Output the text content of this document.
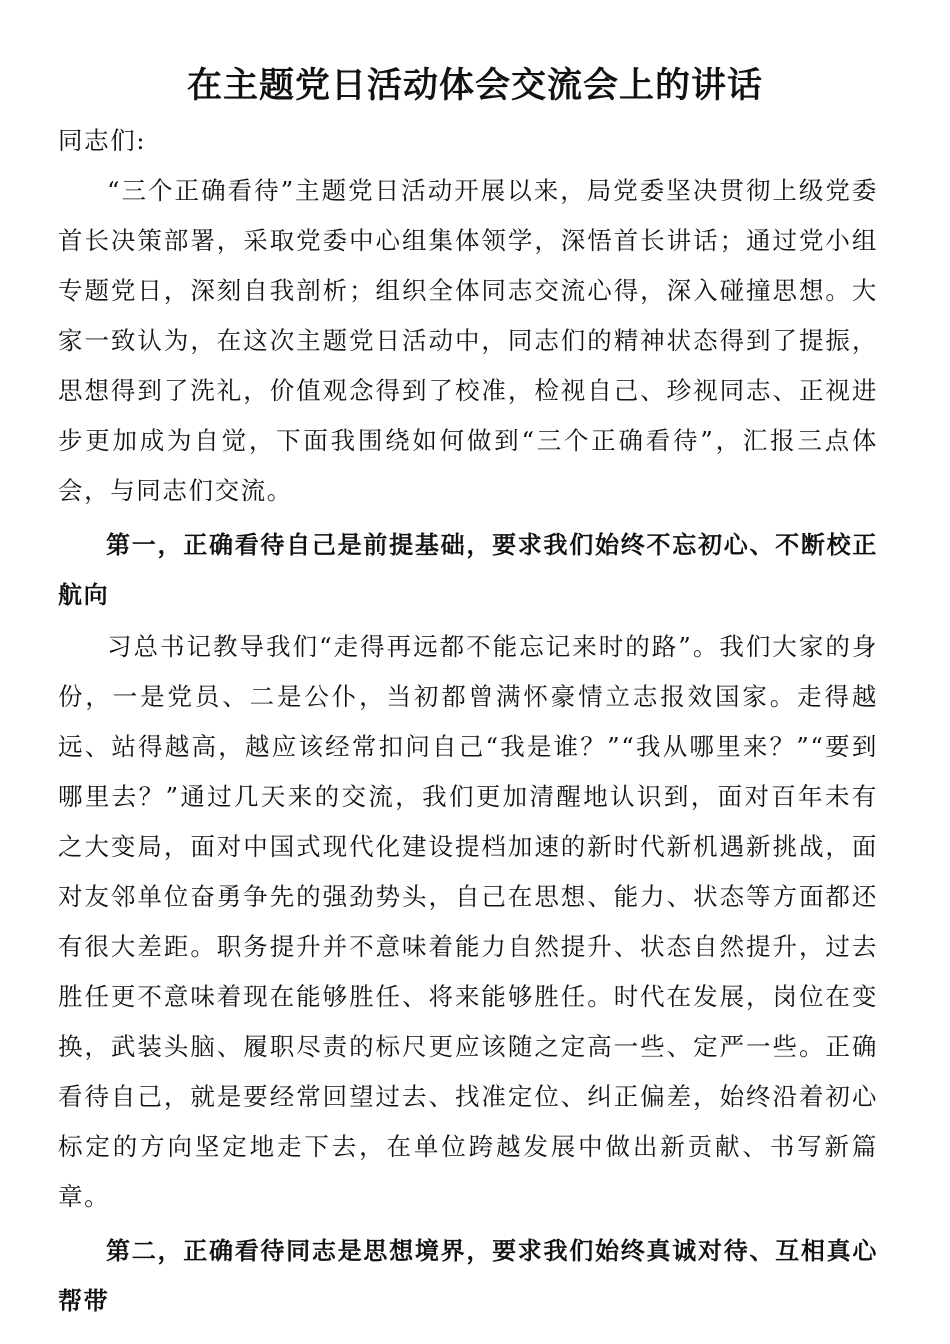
在主题党日活动体会交流会上的讲话

同志们:

“三个正确看待”主题党日活动开展以来，局党委坚决贯彻上级党委首长决策部署，采取党委中心组集体领学，深悟首长讲话；通过党小组专题党日，深刻自我剖析；组织全体同志交流心得，深入碰撞思想。大家一致认为，在这次主题党日活动中，同志们的精神状态得到了提振，思想得到了洗礼，价值观念得到了校准，检视自己、珍视同志、正视进步更加成为自觉，下面我围绕如何做到“三个正确看待”，汇报三点体会，与同志们交流。

第一，正确看待自己是前提基础，要求我们始终不忘初心、不断校正航向

习总书记教导我们“走得再远都不能忘记来时的路”。我们大家的身份，一是党员、二是公仆，当初都曾满怀豪情立志报效国家。走得越远、站得越高，越应该经常扣问自己“我是谁？”“我从哪里来？”“要到哪里去？”通过几天来的交流，我们更加清醒地认识到，面对百年未有之大变局，面对中国式现代化建设提档加速的新时代新机遇新挑战，面对友邻单位奋勇争先的强劲势头，自己在思想、能力、状态等方面都还有很大差距。职务提升并不意味着能力自然提升、状态自然提升，过去胜任更不意味着现在能够胜任、将来能够胜任。时代在发展，岗位在变换，武装头脑、履职尽责的标尺更应该随之定高一些、定严一些。正确看待自己，就是要经常回望过去、找准定位、纠正偏差，始终沿着初心标定的方向坚定地走下去，在单位跨越发展中做出新贡献、书写新篇章。

第二，正确看待同志是思想境界，要求我们始终真诚对待、互相真心帮带
